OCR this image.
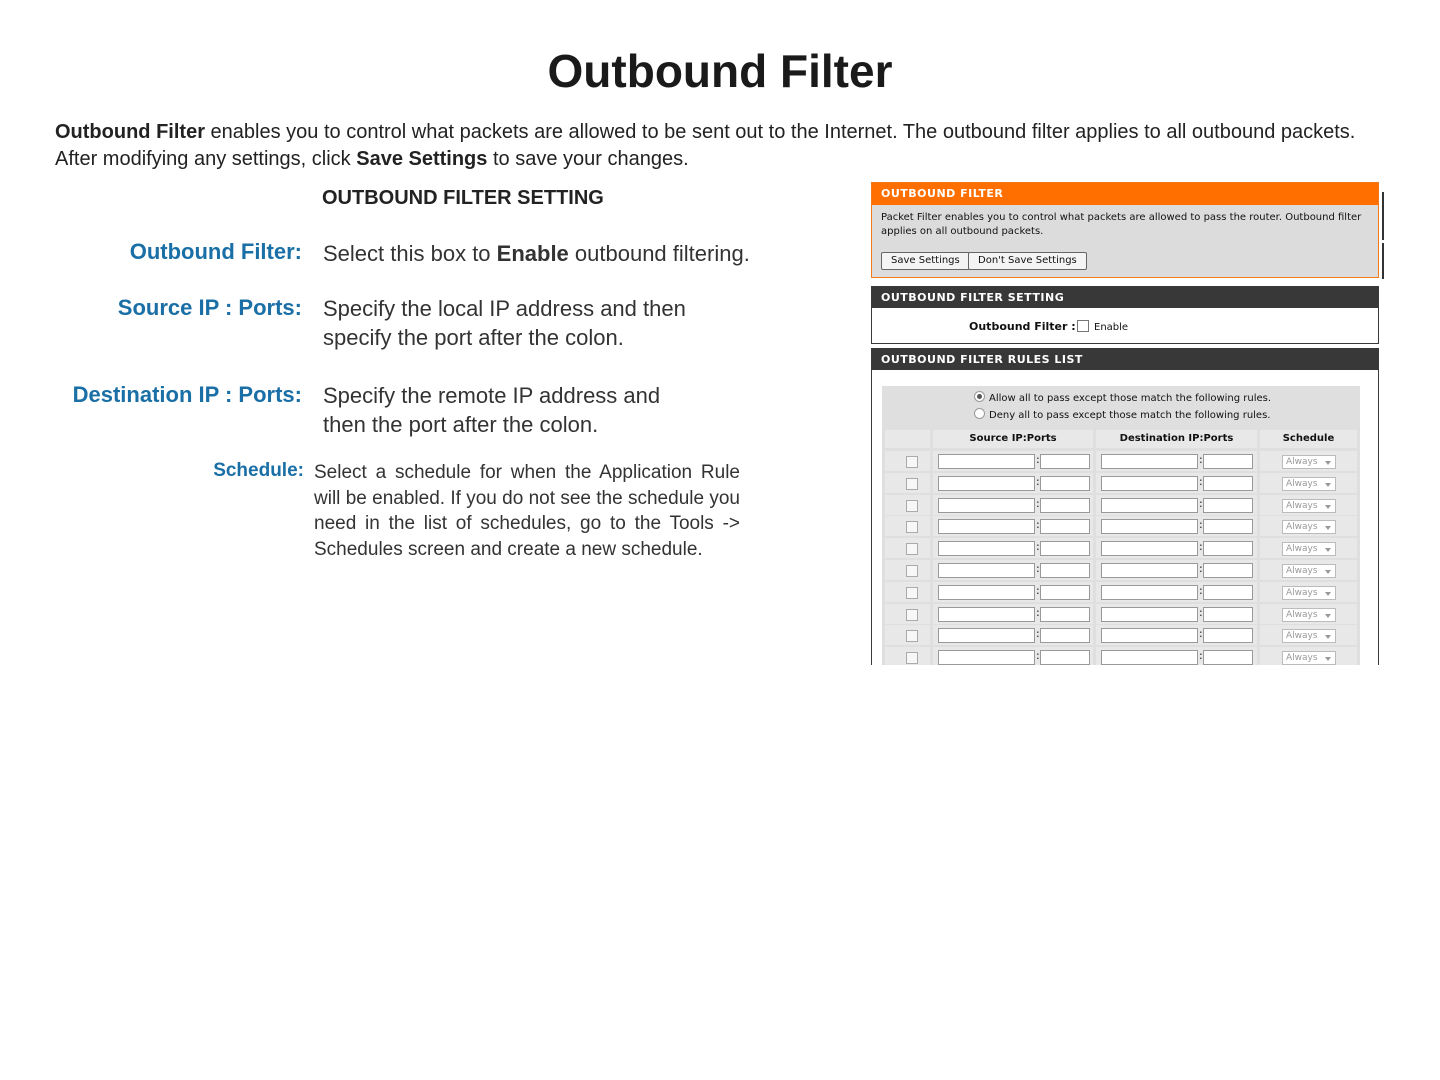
Outbound Filter

Outbound Filter enables you to control what packets are allowed to be sent out to the Internet. The outbound filter applies to all outbound packets. After modifying any settings, click Save Settings to save your changes.

OUTBOUND FILTER SETTING
Outbound Filter: Select this box to Enable outbound filtering.
Source IP : Ports: Specify the local IP address and then
specify the port after the colon.
Destination IP : Ports: Specify the remote IP address and
then the port after the colon.
Schedule: Select a schedule for when the Application Rule will be enabled. If you do not see the schedule you need in the list of schedules, go to the Tools -> Schedules screen and create a new schedule.
OUTBOUND FILTER
Packet Filter enables you to control what packets are allowed to pass the router. Outbound filter applies on all outbound packets.
Save Settings	Don't Save Settings
OUTBOUND FILTER SETTING
Outbound Filter : Enable
OUTBOUND FILTER RULES LIST
Allow all to pass except those match the following rules.
Deny all to pass except those match the following rules.
Source IP:Ports	Destination IP:Ports	Schedule
:	:	Always
:	:	Always
:	:	Always
:	:	Always
:	:	Always
:	:	Always
:	:	Always
:	:	Always
:	:	Always
:	:	Always
